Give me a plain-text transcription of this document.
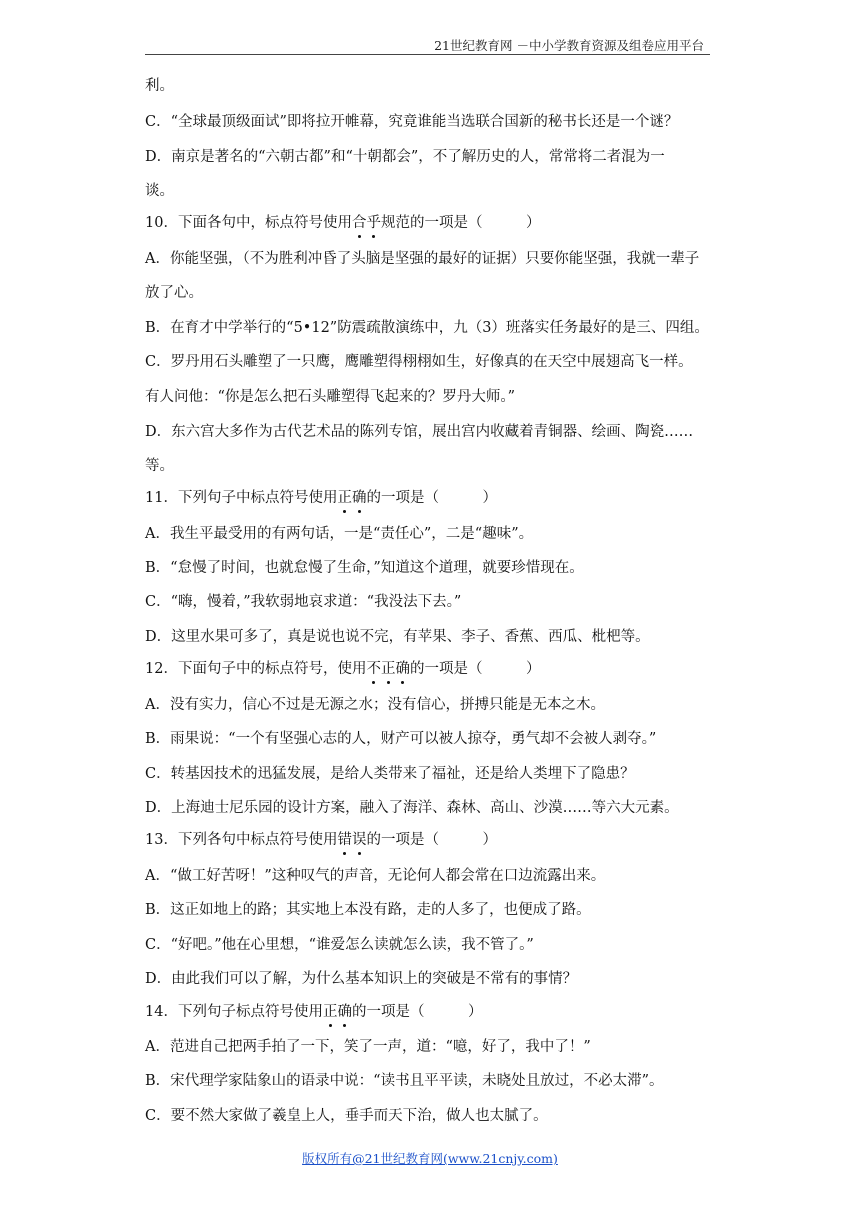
21世纪教育网 －中小学教育资源及组卷应用平台
利。
C．“全球最顶级面试”即将拉开帷幕，究竟谁能当选联合国新的秘书长还是一个谜？
D．南京是著名的“六朝古都”和“十朝都会”，不了解历史的人，常常将二者混为一
谈。
10．下面各句中，标点符号使用合乎规范的一项是（　　　）
A．你能坚强，（不为胜利冲昏了头脑是坚强的最好的证据）只要你能坚强，我就一辈子
放了心。
B．在育才中学举行的“5•12”防震疏散演练中，九（3）班落实任务最好的是三、四组。
C．罗丹用石头雕塑了一只鹰，鹰雕塑得栩栩如生，好像真的在天空中展翅高飞一样。
有人问他：“你是怎么把石头雕塑得飞起来的？罗丹大师。”
D．东六宫大多作为古代艺术品的陈列专馆，展出宫内收藏着青铜器、绘画、陶瓷……
等。
11．下列句子中标点符号使用正确的一项是（　　　）
A．我生平最受用的有两句话，一是“责任心”，二是“趣味”。
B．“怠慢了时间，也就怠慢了生命，”知道这个道理，就要珍惜现在。
C．“嗨，慢着，”我软弱地哀求道：“我没法下去。”
D．这里水果可多了，真是说也说不完，有苹果、李子、香蕉、西瓜、枇杷等。
12．下面句子中的标点符号，使用不正确的一项是（　　　）
A．没有实力，信心不过是无源之水；没有信心，拼搏只能是无本之木。
B．雨果说：“一个有坚强心志的人，财产可以被人掠夺，勇气却不会被人剥夺。”
C．转基因技术的迅猛发展，是给人类带来了福祉，还是给人类埋下了隐患？
D．上海迪士尼乐园的设计方案，融入了海洋、森林、高山、沙漠……等六大元素。
13．下列各句中标点符号使用错误的一项是（　　　）
A．“做工好苦呀！”这种叹气的声音，无论何人都会常在口边流露出来。
B．这正如地上的路；其实地上本没有路，走的人多了，也便成了路。
C．“好吧。”他在心里想，“谁爱怎么读就怎么读，我不管了。”
D．由此我们可以了解，为什么基本知识上的突破是不常有的事情？
14．下列句子标点符号使用正确的一项是（　　　）
A．范进自己把两手拍了一下，笑了一声，道：“噫，好了，我中了！”
B．宋代理学家陆象山的语录中说：“读书且平平读，未晓处且放过，不必太滞”。
C．要不然大家做了羲皇上人，垂手而天下治，做人也太腻了。
版权所有@21世纪教育网(www.21cnjy.com)
